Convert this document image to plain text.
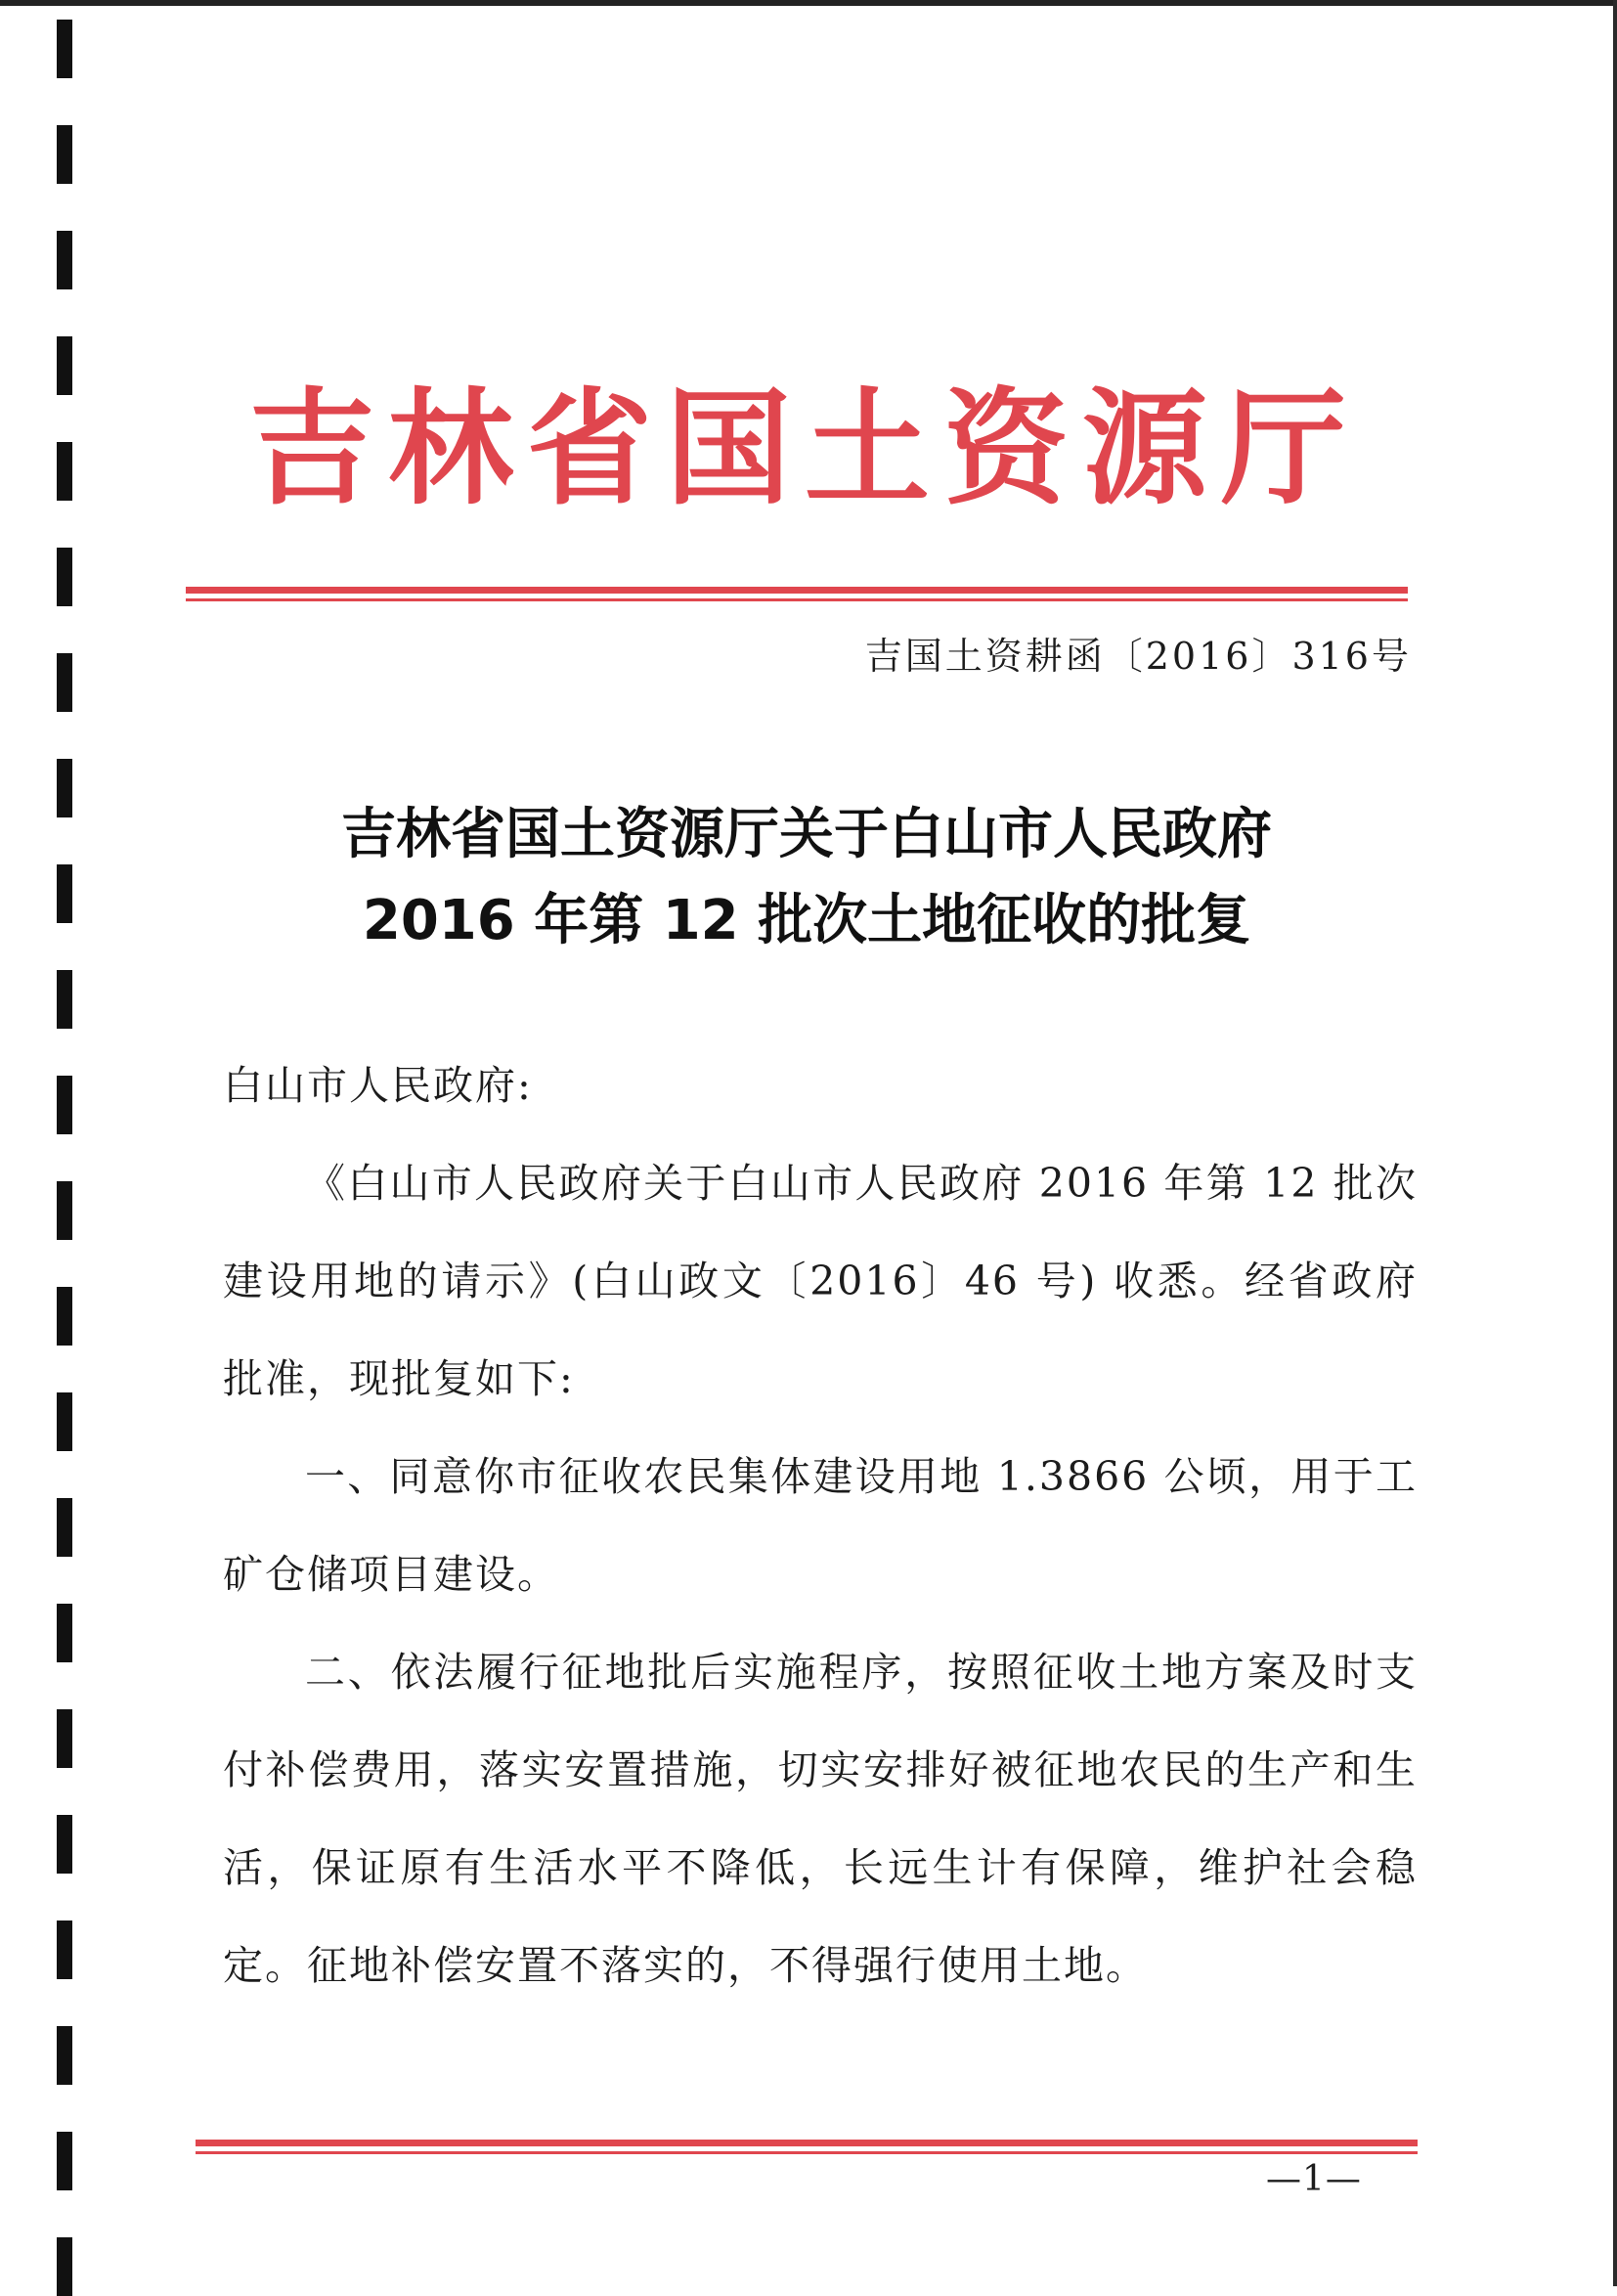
吉林省国土资源厅
吉国土资耕函〔2016〕316号
吉林省国土资源厅关于白山市人民政府
2016 年第 12 批次土地征收的批复

白山市人民政府:

《白山市人民政府关于白山市人民政府 2016 年第 12 批次建设用地的请示》(白山政文〔2016〕46 号) 收悉。经省政府批准，现批复如下:

一、同意你市征收农民集体建设用地 1.3866 公顷，用于工矿仓储项目建设。

二、依法履行征地批后实施程序，按照征收土地方案及时支付补偿费用，落实安置措施，切实安排好被征地农民的生产和生活，保证原有生活水平不降低，长远生计有保障，维护社会稳定。征地补偿安置不落实的，不得强行使用土地。

—1—
